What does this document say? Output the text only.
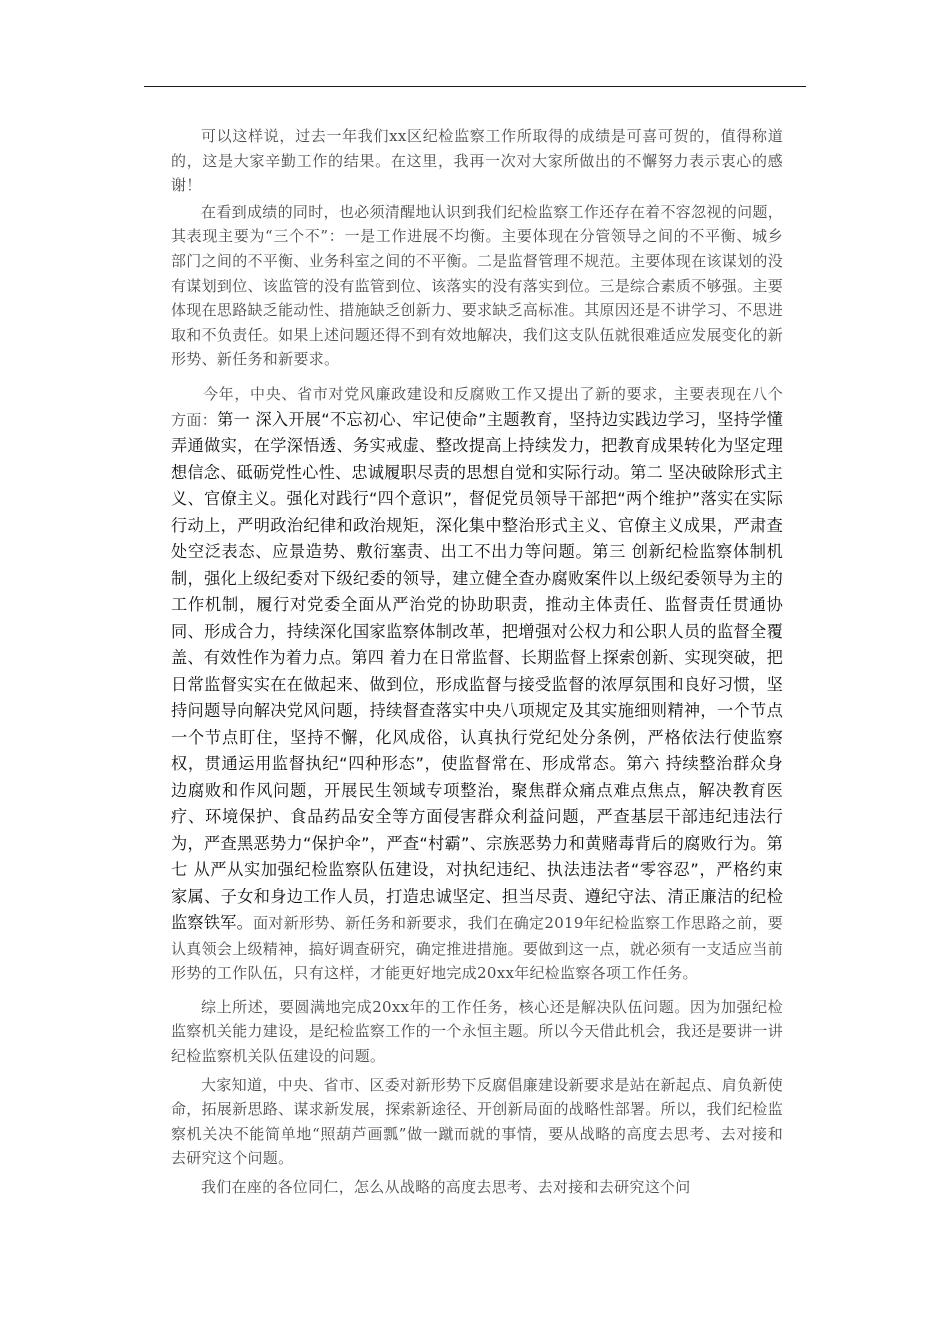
可以这样说，过去一年我们xx区纪检监察工作所取得的成绩是可喜可贺的，值得称道的，这是大家辛勤工作的结果。在这里，我再一次对大家所做出的不懈努力表示衷心的感谢！

在看到成绩的同时，也必须清醒地认识到我们纪检监察工作还存在着不容忽视的问题，其表现主要为“三个不”：一是工作进展不均衡。主要体现在分管领导之间的不平衡、城乡部门之间的不平衡、业务科室之间的不平衡。二是监督管理不规范。主要体现在该谋划的没有谋划到位、该监管的没有监管到位、该落实的没有落实到位。三是综合素质不够强。主要体现在思路缺乏能动性、措施缺乏创新力、要求缺乏高标准。其原因还是不讲学习、不思进取和不负责任。如果上述问题还得不到有效地解决，我们这支队伍就很难适应发展变化的新形势、新任务和新要求。

今年，中央、省市对党风廉政建设和反腐败工作又提出了新的要求，主要表现在八个方面：第一 深入开展“不忘初心、牢记使命”主题教育，坚持边实践边学习，坚持学懂弄通做实，在学深悟透、务实戒虚、整改提高上持续发力，把教育成果转化为坚定理想信念、砥砺党性心性、忠诚履职尽责的思想自觉和实际行动。第二 坚决破除形式主义、官僚主义。强化对践行“四个意识”，督促党员领导干部把“两个维护”落实在实际行动上，严明政治纪律和政治规矩，深化集中整治形式主义、官僚主义成果，严肃查处空泛表态、应景造势、敷衍塞责、出工不出力等问题。第三 创新纪检监察体制机制，强化上级纪委对下级纪委的领导，建立健全查办腐败案件以上级纪委领导为主的工作机制，履行对党委全面从严治党的协助职责，推动主体责任、监督责任贯通协同、形成合力，持续深化国家监察体制改革，把增强对公权力和公职人员的监督全覆盖、有效性作为着力点。第四 着力在日常监督、长期监督上探索创新、实现突破，把日常监督实实在在做起来、做到位，形成监督与接受监督的浓厚氛围和良好习惯，坚持问题导向解决党风问题，持续督查落实中央八项规定及其实施细则精神，一个节点一个节点盯住，坚持不懈，化风成俗，认真执行党纪处分条例，严格依法行使监察权，贯通运用监督执纪“四种形态”，使监督常在、形成常态。第六 持续整治群众身边腐败和作风问题，开展民生领域专项整治，聚焦群众痛点难点焦点，解决教育医疗、环境保护、食品药品安全等方面侵害群众利益问题，严查基层干部违纪违法行为，严查黑恶势力“保护伞”，严查“村霸”、宗族恶势力和黄赌毒背后的腐败行为。第七 从严从实加强纪检监察队伍建设，对执纪违纪、执法违法者“零容忍”，严格约束家属、子女和身边工作人员，打造忠诚坚定、担当尽责、遵纪守法、清正廉洁的纪检监察铁军。面对新形势、新任务和新要求，我们在确定2019年纪检监察工作思路之前，要认真领会上级精神，搞好调查研究，确定推进措施。要做到这一点，就必须有一支适应当前形势的工作队伍，只有这样，才能更好地完成20xx年纪检监察各项工作任务。

综上所述，要圆满地完成20xx年的工作任务，核心还是解决队伍问题。因为加强纪检监察机关能力建设，是纪检监察工作的一个永恒主题。所以今天借此机会，我还是要讲一讲纪检监察机关队伍建设的问题。

大家知道，中央、省市、区委对新形势下反腐倡廉建设新要求是站在新起点、肩负新使命，拓展新思路、谋求新发展，探索新途径、开创新局面的战略性部署。所以，我们纪检监察机关决不能简单地“照葫芦画瓢”做一蹴而就的事情，要从战略的高度去思考、去对接和去研究这个问题。

我们在座的各位同仁，怎么从战略的高度去思考、去对接和去研究这个问
